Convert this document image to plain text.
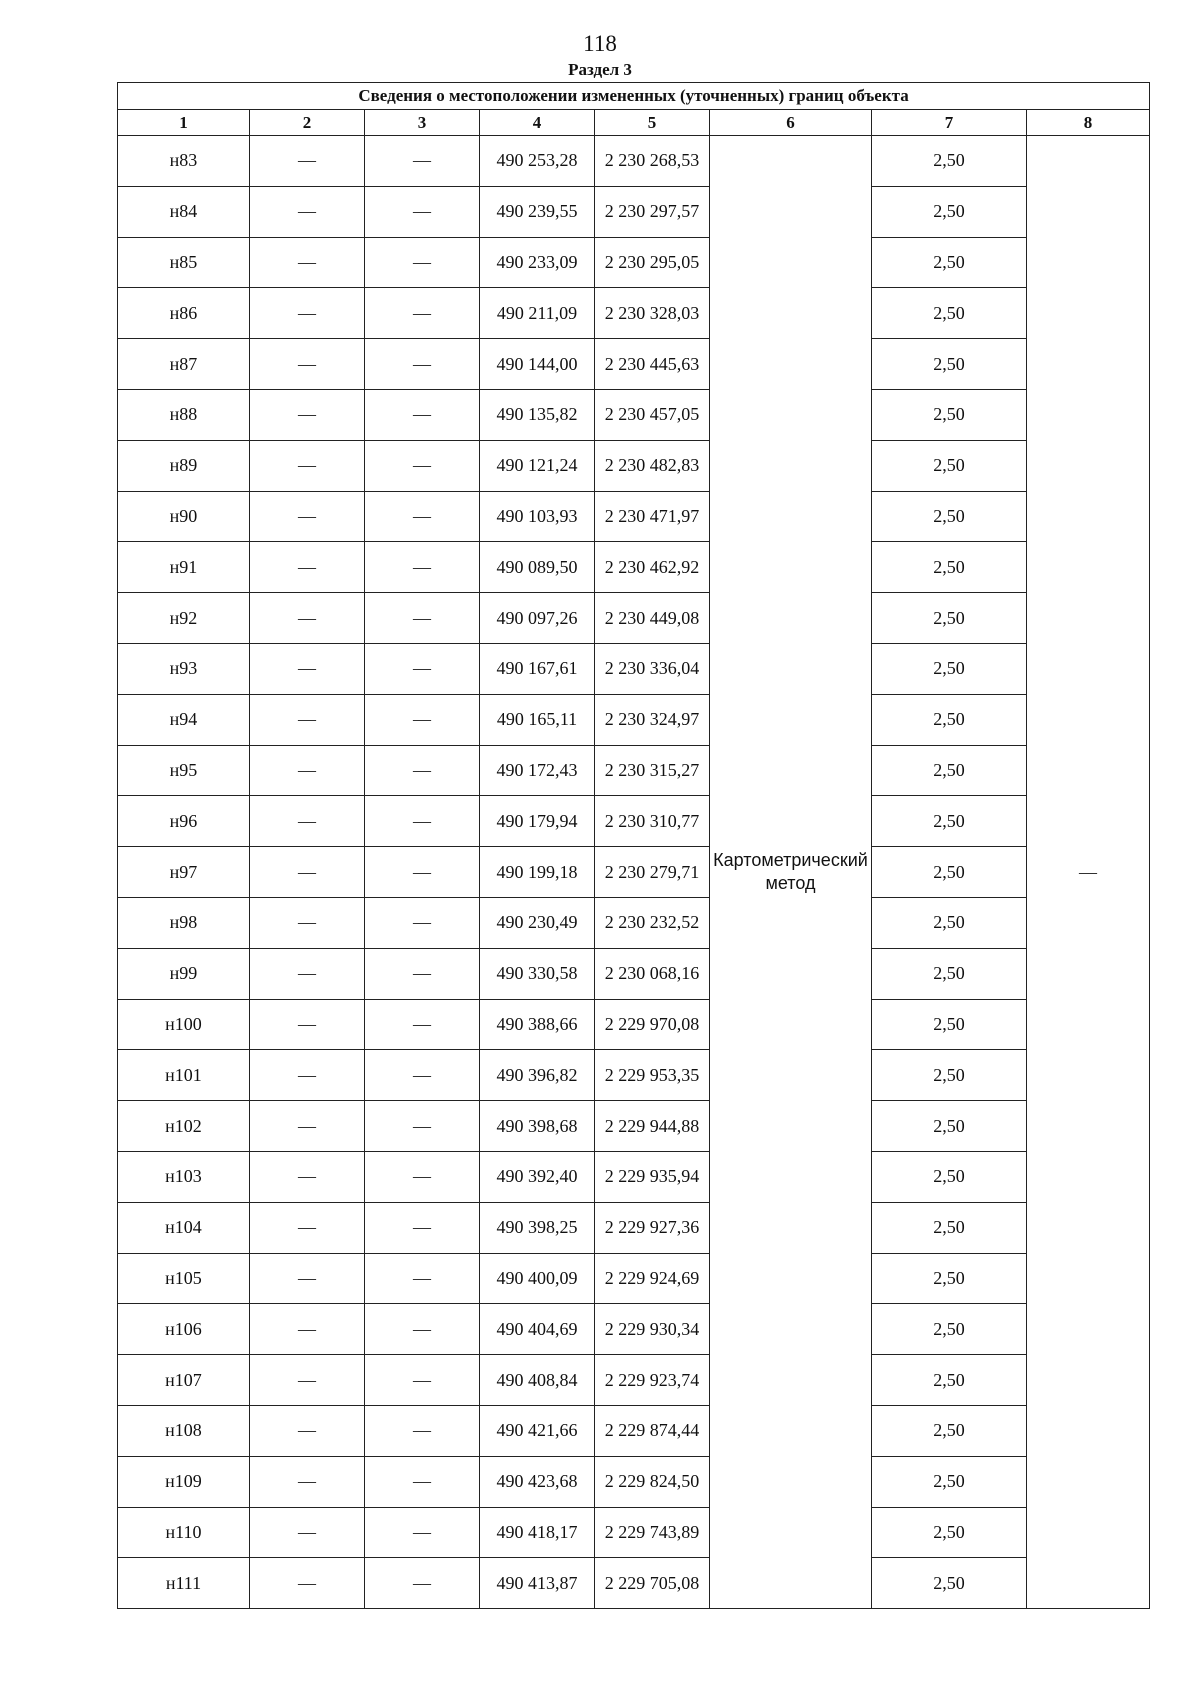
118
Раздел 3
Сведения о местоположении измененных (уточненных) границ объекта							
1	2	3	4	5	6	7	8
н83	—	—	490 253,28	2 230 268,53	Картометрический метод	2,50	—
н84	—	—	490 239,55	2 230 297,57		2,50	
н85	—	—	490 233,09	2 230 295,05		2,50	
н86	—	—	490 211,09	2 230 328,03		2,50	
н87	—	—	490 144,00	2 230 445,63		2,50	
н88	—	—	490 135,82	2 230 457,05		2,50	
н89	—	—	490 121,24	2 230 482,83		2,50	
н90	—	—	490 103,93	2 230 471,97		2,50	
н91	—	—	490 089,50	2 230 462,92		2,50	
н92	—	—	490 097,26	2 230 449,08		2,50	
н93	—	—	490 167,61	2 230 336,04		2,50	
н94	—	—	490 165,11	2 230 324,97		2,50	
н95	—	—	490 172,43	2 230 315,27		2,50	
н96	—	—	490 179,94	2 230 310,77		2,50	
н97	—	—	490 199,18	2 230 279,71		2,50	
н98	—	—	490 230,49	2 230 232,52		2,50	
н99	—	—	490 330,58	2 230 068,16		2,50	
н100	—	—	490 388,66	2 229 970,08		2,50	
н101	—	—	490 396,82	2 229 953,35		2,50	
н102	—	—	490 398,68	2 229 944,88		2,50	
н103	—	—	490 392,40	2 229 935,94		2,50	
н104	—	—	490 398,25	2 229 927,36		2,50	
н105	—	—	490 400,09	2 229 924,69		2,50	
н106	—	—	490 404,69	2 229 930,34		2,50	
н107	—	—	490 408,84	2 229 923,74		2,50	
н108	—	—	490 421,66	2 229 874,44		2,50	
н109	—	—	490 423,68	2 229 824,50		2,50	
н110	—	—	490 418,17	2 229 743,89		2,50	
н111	—	—	490 413,87	2 229 705,08		2,50	
